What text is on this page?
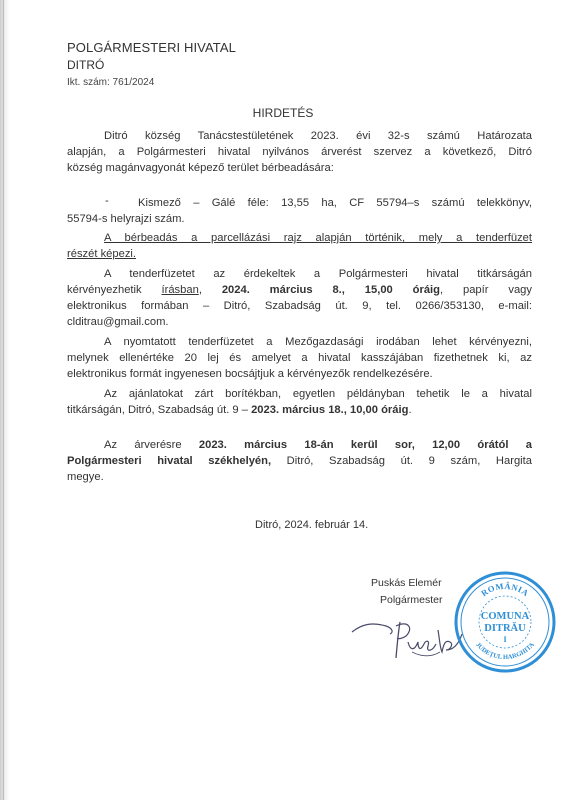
POLGÁRMESTERI HIVATAL
DITRÓ
Ikt. szám: 761/2024
HIRDETÉS
Ditró község Tanácstestületének 2023. évi 32-s számú Határozata
alapján, a Polgármesteri hivatal nyilvános árverést szervez a következő, Ditró
község magánvagyonát képező terület bérbeadására:
-	Kismező – Gálé féle: 13,55 ha, CF 55794–s számú telekkönyv,
55794-s helyrajzi szám.
A bérbeadás a parcellázási rajz alapján történik, mely a tenderfüzet
részét képezi.
A tenderfüzetet az érdekeltek a Polgármesteri hivatal titkárságán
kérvényezhetik írásban, 2024. március 8., 15,00 óráig, papír vagy
elektronikus formában – Ditró, Szabadság út. 9, tel. 0266/353130, e-mail:
clditrau@gmail.com.
A nyomtatott tenderfüzetet a Mezőgazdasági irodában lehet kérvényezni,
melynek ellenértéke 20 lej és amelyet a hivatal kasszájában fizethetnek ki, az
elektronikus formát ingyenesen bocsájtjuk a kérvényezők rendelkezésére.
Az ajánlatokat zárt borítékban, egyetlen példányban tehetik le a hivatal
titkárságán, Ditró, Szabadság út. 9 – 2023. március 18., 10,00 óráig.
Az árverésre 2023. március 18-án kerül sor, 12,00 órától a
Polgármesteri hivatal székhelyén, Ditró, Szabadság út. 9 szám, Hargita
megye.
Ditró, 2024. február 14.
Puskás Elemér
Polgármester
ROMÂNIA
COMUNA
DITRĂU
I
JUDEȚUL HARGHITA
